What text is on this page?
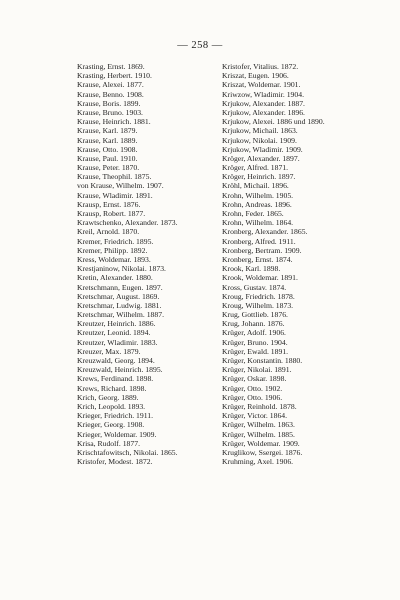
— 258 —
Krasting, Ernst. 1869.
Krasting, Herbert. 1910.
Krause, Alexei. 1877.
Krause, Benno. 1908.
Krause, Boris. 1899.
Krause, Bruno. 1903.
Krause, Heinrich. 1881.
Krause, Karl. 1879.
Krause, Karl. 1889.
Krause, Otto. 1908.
Krause, Paul. 1910.
Krause, Peter. 1870.
Krause, Theophil. 1875.
von Krause, Wilhelm. 1907.
Krause, Wladimir. 1891.
Krausp, Ernst. 1876.
Krausp, Robert. 1877.
Krawtschenko, Alexander. 1873.
Kreil, Arnold. 1870.
Kremer, Friedrich. 1895.
Kremer, Philipp. 1892.
Kress, Woldemar. 1893.
Krestjaninow, Nikolai. 1873.
Kretin, Alexander. 1880.
Kretschmann, Eugen. 1897.
Kretschmar, August. 1869.
Kretschmar, Ludwig. 1881.
Kretschmar, Wilhelm. 1887.
Kreutzer, Heinrich. 1886.
Kreutzer, Leonid. 1894.
Kreutzer, Wladimir. 1883.
Kreuzer, Max. 1879.
Kreuzwald, Georg. 1894.
Kreuzwald, Heinrich. 1895.
Krews, Ferdinand. 1898.
Krews, Richard. 1898.
Krich, Georg. 1889.
Krich, Leopold. 1893.
Krieger, Friedrich. 1911.
Krieger, Georg. 1908.
Krieger, Woldemar. 1909.
Krisa, Rudolf. 1877.
Krischtafowitsch, Nikolai. 1865.
Kristofer, Modest. 1872.
Kristofer, Vitalius. 1872.
Kriszat, Eugen. 1906.
Kriszat, Woldemar. 1901.
Kriwzow, Wladimir. 1904.
Krjukow, Alexander. 1887.
Krjukow, Alexander. 1896.
Krjukow, Alexei. 1886 und 1890.
Krjukow, Michail. 1863.
Krjukow, Nikolai. 1909.
Krjukow, Wladimir. 1909.
Kröger, Alexander. 1897.
Kröger, Alfred. 1871.
Kröger, Heinrich. 1897.
Kröhl, Michail. 1896.
Krohn, Wilhelm. 1905.
Krohn, Andreas. 1896.
Krohn, Feder. 1865.
Krohn, Wilhelm. 1864.
Kronberg, Alexander. 1865.
Kronberg, Alfred. 1911.
Kronberg, Bertram. 1909.
Kronberg, Ernst. 1874.
Krook, Karl. 1898.
Krook, Woldemar. 1891.
Kross, Gustav. 1874.
Kroug, Friedrich. 1878.
Kroug, Wilhelm. 1873.
Krug, Gottlieb. 1876.
Krug, Johann. 1876.
Krüger, Adolf. 1906.
Krüger, Bruno. 1904.
Krüger, Ewald. 1891.
Krüger, Konstantin. 1880.
Krüger, Nikolai. 1891.
Krüger, Oskar. 1898.
Krüger, Otto. 1902.
Krüger, Otto. 1906.
Krüger, Reinhold. 1878.
Krüger, Victor. 1864.
Krüger, Wilhelm. 1863.
Krüger, Wilhelm. 1885.
Krüger, Woldemar. 1909.
Kruglikow, Ssergei. 1876.
Kruhming, Axel. 1906.
